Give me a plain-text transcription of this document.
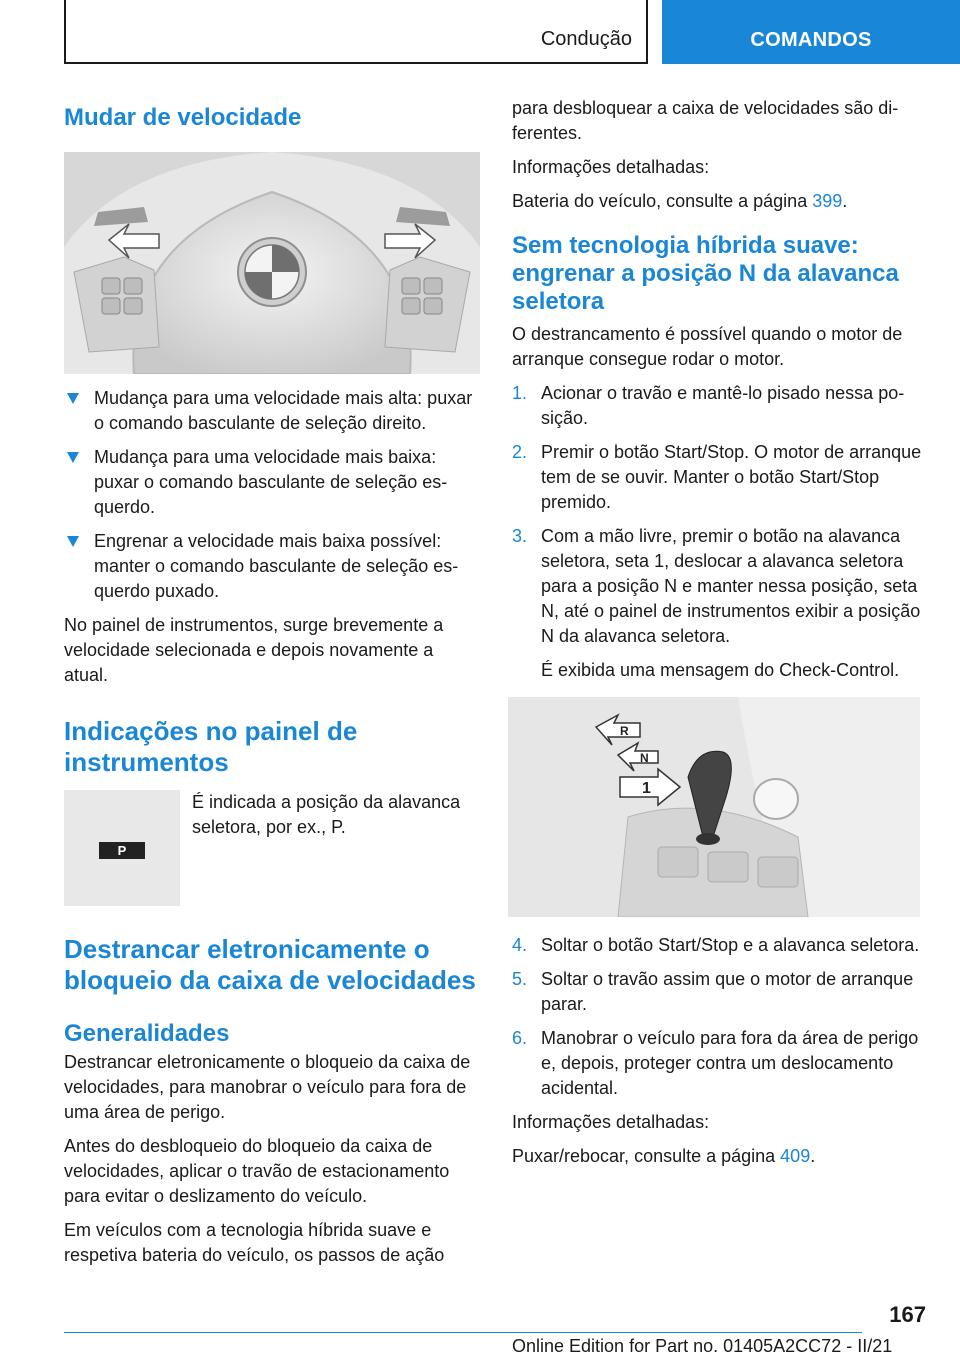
Condução	COMANDOS
Mudar de velocidade
Mudança para uma velocidade mais alta: puxar o comando basculante de seleção direito.
Mudança para uma velocidade mais baixa: puxar o comando basculante de seleção esquerdo.
Engrenar a velocidade mais baixa possível: manter o comando basculante de seleção esquerdo puxado.

No painel de instrumentos, surge brevemente a velocidade selecionada e depois novamente a atual.

Indicações no painel de instrumentos
P

É indicada a posição da alavanca seletora, por ex., P.

Destrancar eletronicamente o bloqueio da caixa de velocidades
Generalidades

Destrancar eletronicamente o bloqueio da caixa de velocidades, para manobrar o veículo para fora de uma área de perigo.

Antes do desbloqueio do bloqueio da caixa de velocidades, aplicar o travão de estacionamento para evitar o deslizamento do veículo.

Em veículos com a tecnologia híbrida suave e respetiva bateria do veículo, os passos de ação

para desbloquear a caixa de velocidades são diferentes.

Informações detalhadas:

Bateria do veículo, consulte a página 399.

Sem tecnologia híbrida suave: engrenar a posição N da alavanca seletora

O destrancamento é possível quando o motor de arranque consegue rodar o motor.

1. Acionar o travão e mantê-lo pisado nessa posição.
2. Premir o botão Start/Stop. O motor de arranque tem de se ouvir. Manter o botão Start/Stop premido.
3. Com a mão livre, premir o botão na alavanca seletora, seta 1, deslocar a alavanca seletora para a posição N e manter nessa posição, seta N, até o painel de instrumentos exibir a posição N da alavanca seletora.

É exibida uma mensagem do Check-Control.

R
N
1
4. Soltar o botão Start/Stop e a alavanca seletora.
5. Soltar o travão assim que o motor de arranque parar.
6. Manobrar o veículo para fora da área de perigo e, depois, proteger contra um deslocamento acidental.

Informações detalhadas:

Puxar/rebocar, consulte a página 409.

167
Online Edition for Part no. 01405A2CC72 - II/21
